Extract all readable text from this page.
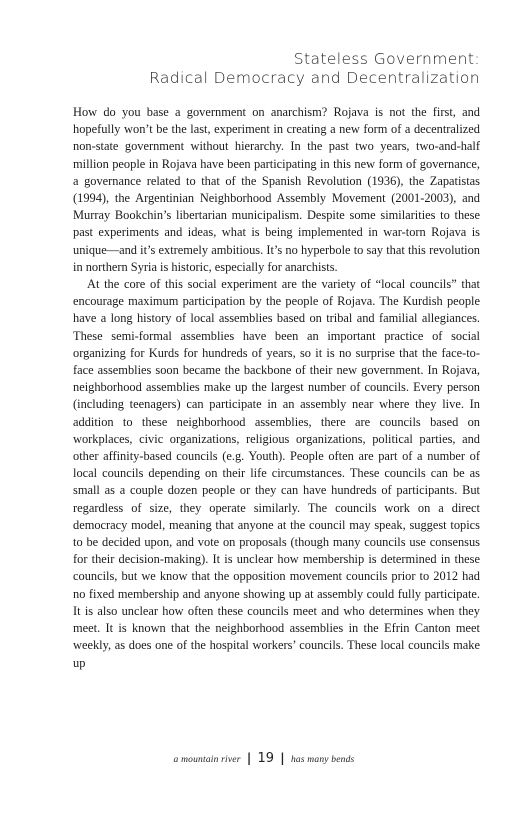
Stateless Government:
Radical Democracy and Decentralization

How do you base a government on anarchism? Rojava is not the first, and hopefully won’t be the last, experiment in creating a new form of a decentralized non-state government without hierarchy. In the past two years, two-and-half million people in Rojava have been participating in this new form of governance, a governance related to that of the Spanish Revolution (1936), the Zapatistas (1994), the Argentinian Neighborhood Assembly Movement (2001-2003), and Murray Bookchin’s libertarian municipalism. Despite some similarities to these past experiments and ideas, what is being implemented in war-torn Rojava is unique—and it’s extremely ambitious. It’s no hyperbole to say that this revolution in northern Syria is historic, especially for anarchists.

At the core of this social experiment are the variety of “local councils” that encourage maximum participation by the people of Rojava. The Kurdish people have a long history of local assemblies based on tribal and familial allegiances. These semi-formal assemblies have been an important practice of social organizing for Kurds for hundreds of years, so it is no surprise that the face-to-face assemblies soon became the backbone of their new government. In Rojava, neighborhood assemblies make up the largest number of councils. Every person (including teenagers) can participate in an assembly near where they live. In addition to these neighborhood assemblies, there are councils based on workplaces, civic organizations, religious organizations, political parties, and other affinity-based councils (e.g. Youth). People often are part of a number of local councils depending on their life circumstances. These councils can be as small as a couple dozen people or they can have hundreds of participants. But regardless of size, they operate similarly. The councils work on a direct democracy model, meaning that anyone at the council may speak, suggest topics to be decided upon, and vote on proposals (though many councils use consensus for their decision-making). It is unclear how membership is determined in these councils, but we know that the opposition movement councils prior to 2012 had no fixed membership and anyone showing up at assembly could fully participate. It is also unclear how often these councils meet and who determines when they meet. It is known that the neighborhood assemblies in the Efrin Canton meet weekly, as does one of the hospital workers’ councils. These local councils make up

a mountain river | 19 | has many bends
